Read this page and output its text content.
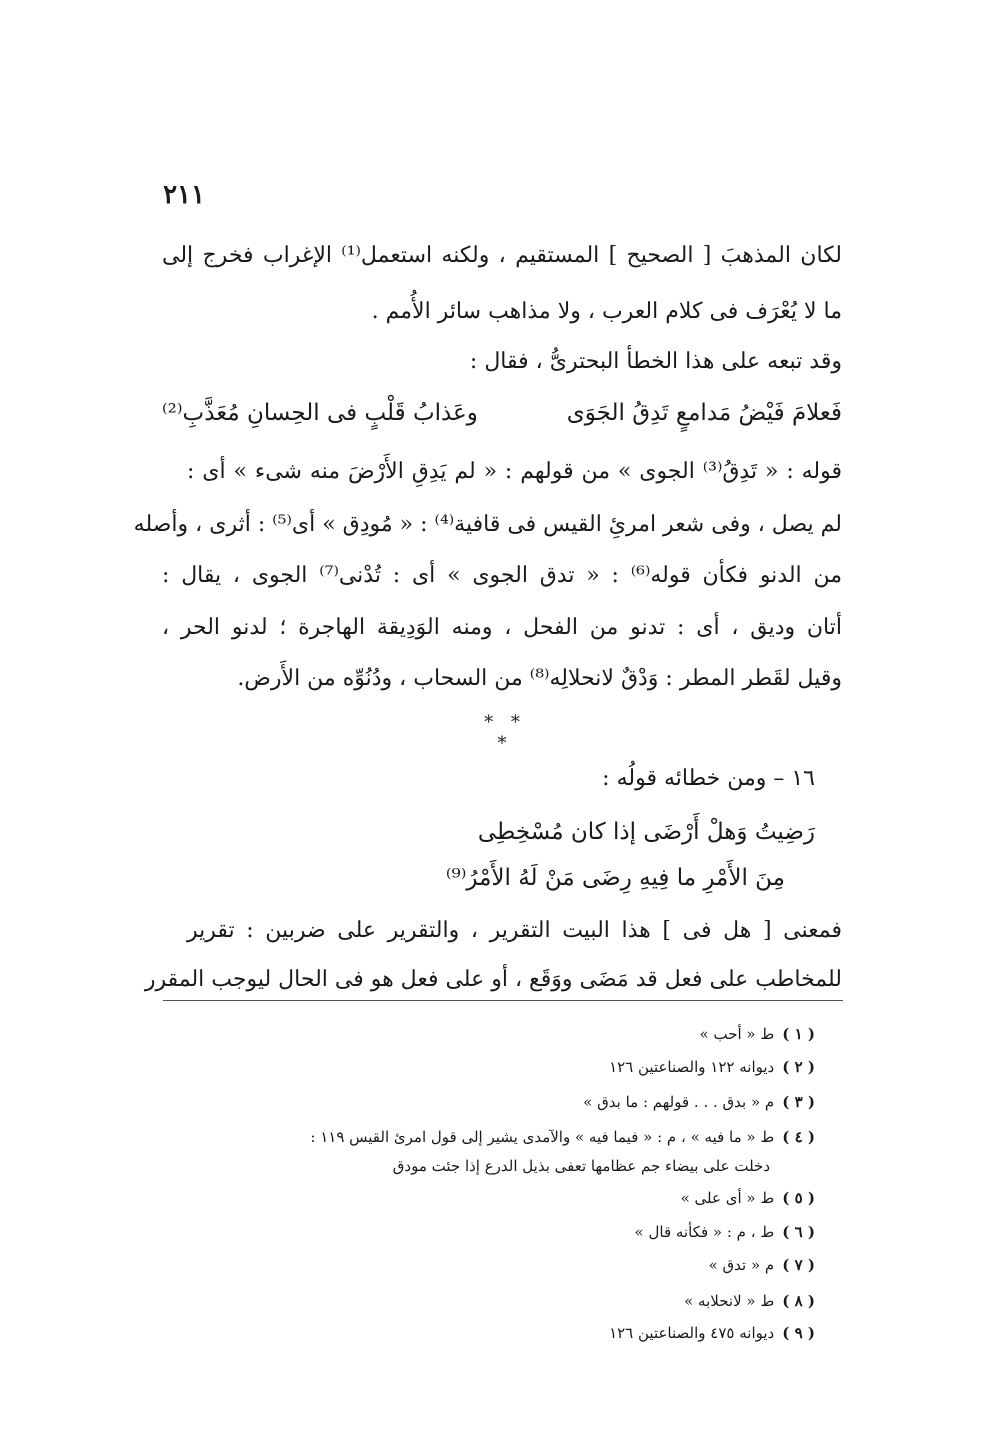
٢١١
لكان المذهبَ [ الصحيح ] المستقيم ، ولكنه استعمل⁽¹⁾ الإغراب فخرج إلى
ما لا يُعْرَف فى كلام العرب ، ولا مذاهب سائر الأُمم .
وقد تبعه على هذا الخطأ البحترىُّ ، فقال :
فَعلامَ فَيْضُ مَدامعٍ تَدِقُ الجَوَى
وعَذابُ قَلْبٍ فى الحِسانِ مُعَذَّبِ⁽²⁾
قوله : « تَدِقُ⁽³⁾ الجوى » من قولهم : « لم يَدِقِ الأَرْضَ منه شىء » أى :
لم يصل ، وفى شعر امرئِ القيس فى قافية⁽⁴⁾ : « مُودِق » أى⁽⁵⁾ : أثرى ، وأصله
من الدنو فكأن قوله⁽⁶⁾ : « تدق الجوى » أى : تُدْنى⁽⁷⁾ الجوى ، يقال :
أتان وديق ، أى : تدنو من الفحل ، ومنه الوَدِيقة الهاجرة ؛ لدنو الحر ،
وقيل لقَطر المطر : وَدْقٌ لانحلالِه⁽⁸⁾ من السحاب ، ودُنُوِّه من الأَرض.
* * *
١٦ – ومن خطائه قولُه :
رَضِيتُ وَهلْ أَرْضَى إذا كان مُسْخِطِى
مِنَ الأَمْرِ ما فِيهِ رِضَى مَنْ لَهُ الأَمْرُ⁽⁹⁾
فمعنى [ هل فى ] هذا البيت التقرير ، والتقرير على ضربين : تقرير
للمخاطب على فعل قد مَضَى ووَقَع ، أو على فعل هو فى الحال ليوجب المقرر
( ١ ) ط « أحب »
( ٢ ) ديوانه ١٢٢ والصناعتين ١٢٦
( ٣ ) م « بدق . . . قولهم : ما بدق »
( ٤ ) ط « ما فيه » ، م : « فيما فيه » والآمدى يشير إلى قول امرئ القيس ١١٩ :
دخلت على بيضاء جم عظامها تعفى بذيل الدرع إذا جئت مودق
( ٥ ) ط « أى على »
( ٦ ) ط ، م : « فكأنه قال »
( ٧ ) م « تدق »
( ٨ ) ط « لانحلابه »
( ٩ ) ديوانه ٤٧٥ والصناعتين ١٢٦
